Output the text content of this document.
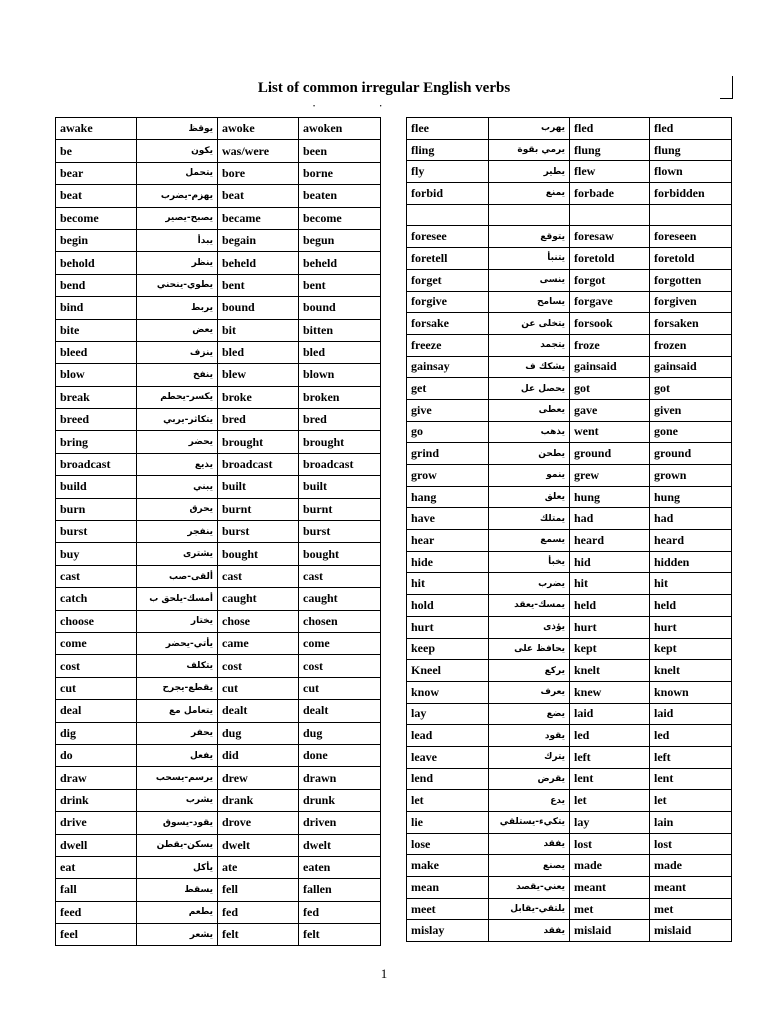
List of common irregular English verbs
• •
awake	يوقظ	awoke	awoken
be	يكون	was/were	been
bear	يتحمل	bore	borne
beat	يهزم-يضرب	beat	beaten
become	يصبح-يصير	became	become
begin	يبدأ	begain	begun
behold	ينظر	beheld	beheld
bend	يطوي-ينحني	bent	bent
bind	يربط	bound	bound
bite	يعض	bit	bitten
bleed	ينزف	bled	bled
blow	ينفخ	blew	blown
break	يكسر-يحطم	broke	broken
breed	يتكاثر-يربي	bred	bred
bring	يحضر	brought	brought
broadcast	يذيع	broadcast	broadcast
build	يبني	built	built
burn	يحرق	burnt	burnt
burst	ينفجر	burst	burst
buy	يشترى	bought	bought
cast	ألقى-صب	cast	cast
catch	أمسك-يلحق ب	caught	caught
choose	يختار	chose	chosen
come	يأتي-يحضر	came	come
cost	يتكلف	cost	cost
cut	يقطع-يجرح	cut	cut
deal	يتعامل مع	dealt	dealt
dig	يحفر	dug	dug
do	يفعل	did	done
draw	يرسم-يسحب	drew	drawn
drink	يشرب	drank	drunk
drive	يقود-يسوق	drove	driven
dwell	يسكن-يقطن	dwelt	dwelt
eat	يأكل	ate	eaten
fall	يسقط	fell	fallen
feed	يطعم	fed	fed
feel	يشعر	felt	felt
flee	يهرب	fled	fled
fling	يرمي بقوة	flung	flung
fly	يطير	flew	flown
forbid	يمنع	forbade	forbidden

foresee	يتوقع	foresaw	foreseen
foretell	يتنبأ	foretold	foretold
forget	ينسى	forgot	forgotten
forgive	يسامح	forgave	forgiven
forsake	يتخلى عن	forsook	forsaken
freeze	يتجمد	froze	frozen
gainsay	يشكك ف	gainsaid	gainsaid
get	يحصل عل	got	got
give	يعطى	gave	given
go	يذهب	went	gone
grind	يطحن	ground	ground
grow	ينمو	grew	grown
hang	يعلق	hung	hung
have	يمتلك	had	had
hear	يسمع	heard	heard
hide	يخبأ	hid	hidden
hit	يضرب	hit	hit
hold	يمسك-يعقد	held	held
hurt	يؤذى	hurt	hurt
keep	يحافظ على	kept	kept
Kneel	يركع	knelt	knelt
know	يعرف	knew	known
lay	يضع	laid	laid
lead	يقود	led	led
leave	يترك	left	left
lend	يقرض	lent	lent
let	يدع	let	let
lie	يتكيء-يستلقي	lay	lain
lose	يفقد	lost	lost
make	يصنع	made	made
mean	يعني-يقصد	meant	meant
meet	يلتقي-يقابل	met	met
mislay	يفقد	mislaid	mislaid
1
